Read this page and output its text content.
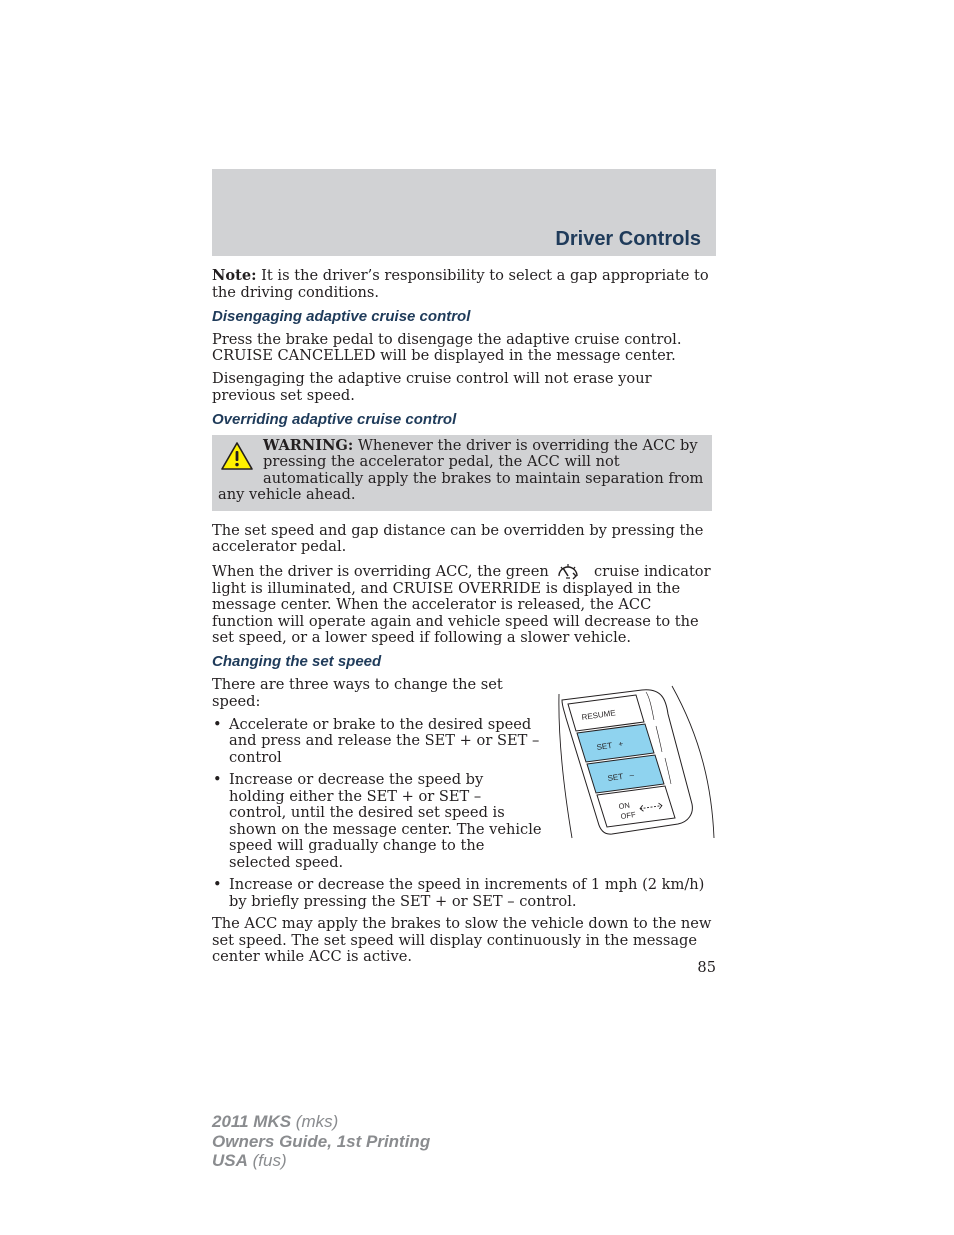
Driver Controls

Note: It is the driver’s responsibility to select a gap appropriate to the driving conditions.

Disengaging adaptive cruise control

Press the brake pedal to disengage the adaptive cruise control. CRUISE CANCELLED will be displayed in the message center.

Disengaging the adaptive cruise control will not erase your previous set speed.

Overriding adaptive cruise control
WARNING: Whenever the driver is overriding the ACC by pressing the accelerator pedal, the ACC will not automatically apply the brakes to maintain separation from any vehicle ahead.

The set speed and gap distance can be overridden by pressing the accelerator pedal.

When the driver is overriding ACC, the green  cruise indicator light is illuminated, and CRUISE OVERRIDE is displayed in the message center. When the accelerator is released, the ACC function will operate again and vehicle speed will decrease to the set speed, or a lower speed if following a slower vehicle.

Changing the set speed
RESUME
SET   +
SET   –
ON
OFF

There are three ways to change the set speed:

• Accelerate or brake to the desired speed and press and release the SET + or SET – control
• Increase or decrease the speed by holding either the SET + or SET – control, until the desired set speed is shown on the message center. The vehicle speed will gradually change to the selected speed.
• Increase or decrease the speed in increments of 1 mph (2 km/h) by briefly pressing the SET + or SET – control.

The ACC may apply the brakes to slow the vehicle down to the new set speed. The set speed will display continuously in the message center while ACC is active.

85
2011 MKS (mks)
Owners Guide, 1st Printing
USA (fus)
